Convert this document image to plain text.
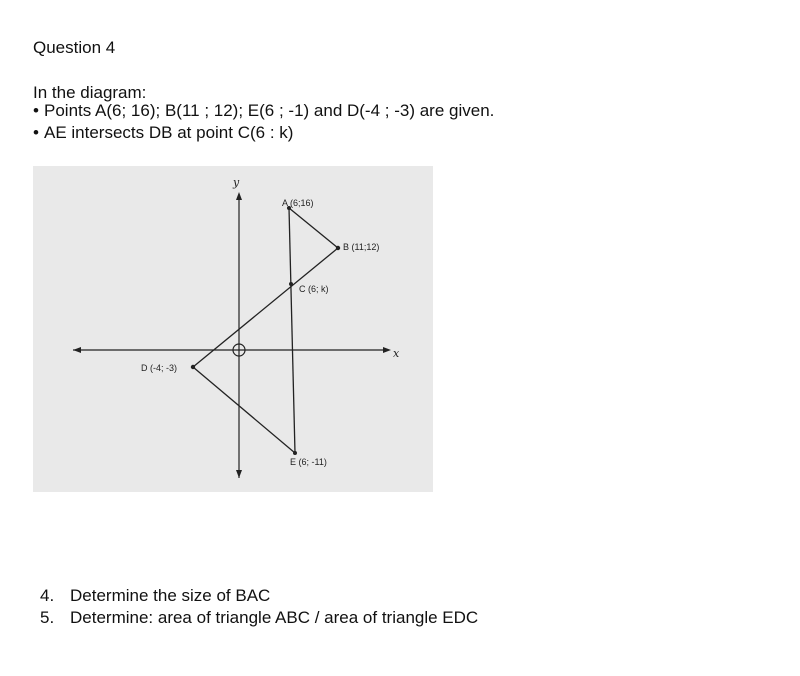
Question 4
In the diagram:
• Points A(6; 16); B(11 ; 12); E(6 ; -1) and D(-4 ; -3) are given.
• AE intersects DB at point C(6 : k)
y
x
A (6;16)
B (11;12)
C (6; k)
D (-4; -3)
E (6; -11)
4. Determine the size of BAC
5. Determine: area of triangle ABC / area of triangle EDC
